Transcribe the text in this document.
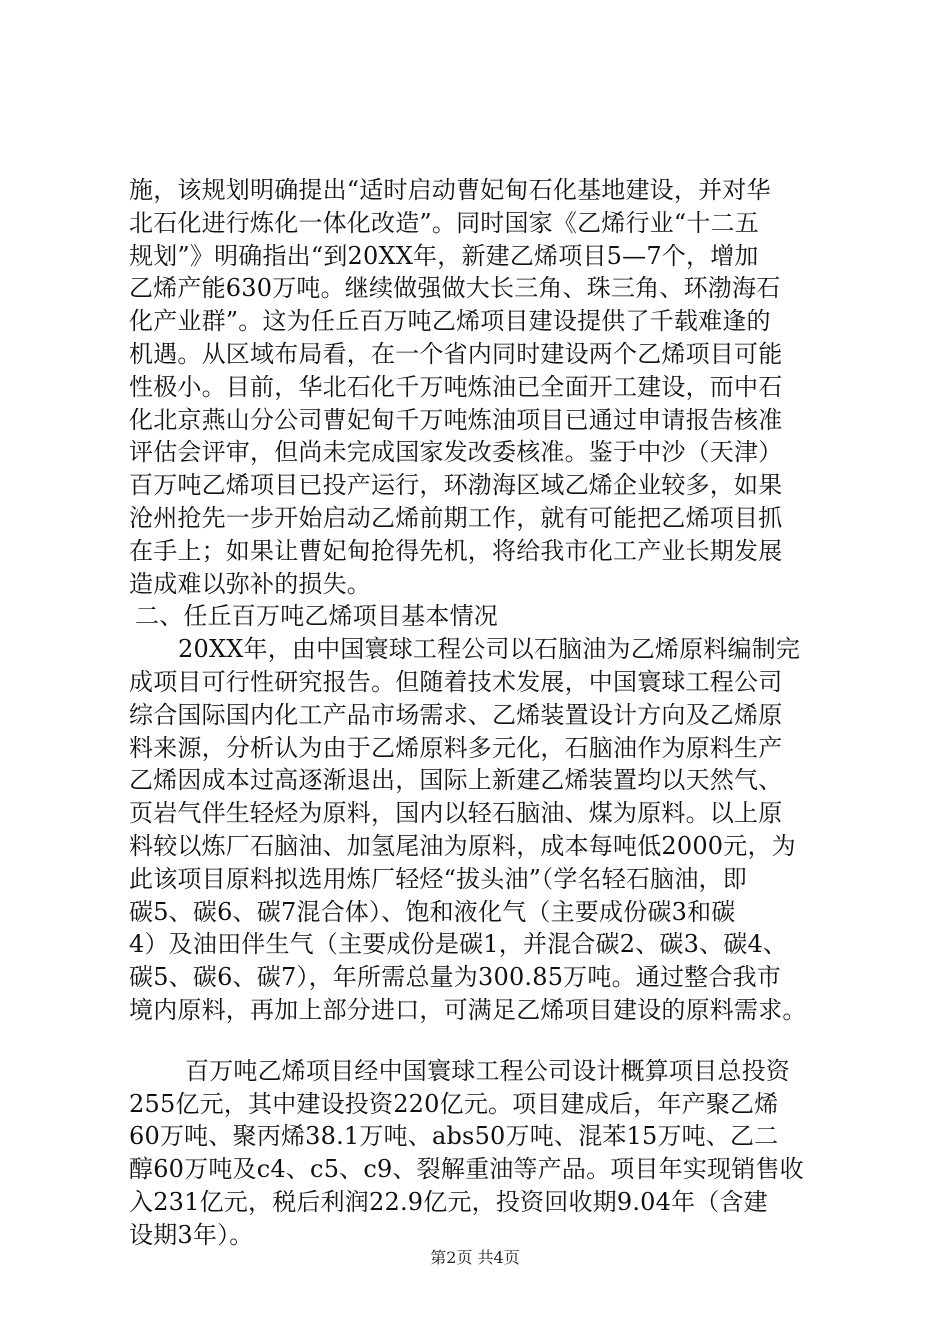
施，该规划明确提出“适时启动曹妃甸石化基地建设，并对华
北石化进行炼化一体化改造”。同时国家《乙烯行业“十二五
规划”》明确指出“到20XX年，新建乙烯项目5—7个，增加
乙烯产能630万吨。继续做强做大长三角、珠三角、环渤海石
化产业群”。这为任丘百万吨乙烯项目建设提供了千载难逢的
机遇。从区域布局看，在一个省内同时建设两个乙烯项目可能
性极小。目前，华北石化千万吨炼油已全面开工建设，而中石
化北京燕山分公司曹妃甸千万吨炼油项目已通过申请报告核准
评估会评审，但尚未完成国家发改委核准。鉴于中沙（天津）
百万吨乙烯项目已投产运行，环渤海区域乙烯企业较多，如果
沧州抢先一步开始启动乙烯前期工作，就有可能把乙烯项目抓
在手上；如果让曹妃甸抢得先机，将给我市化工产业长期发展
造成难以弥补的损失。
二、任丘百万吨乙烯项目基本情况
20XX年，由中国寰球工程公司以石脑油为乙烯原料编制完
成项目可行性研究报告。但随着技术发展，中国寰球工程公司
综合国际国内化工产品市场需求、乙烯装置设计方向及乙烯原
料来源，分析认为由于乙烯原料多元化，石脑油作为原料生产
乙烯因成本过高逐渐退出，国际上新建乙烯装置均以天然气、
页岩气伴生轻烃为原料，国内以轻石脑油、煤为原料。以上原
料较以炼厂石脑油、加氢尾油为原料，成本每吨低2000元，为
此该项目原料拟选用炼厂轻烃“拔头油”（学名轻石脑油，即
碳5、碳6、碳7混合体）、饱和液化气（主要成份碳3和碳
4）及油田伴生气（主要成份是碳1，并混合碳2、碳3、碳4、
碳5、碳6、碳7），年所需总量为300.85万吨。通过整合我市
境内原料，再加上部分进口，可满足乙烯项目建设的原料需求。
百万吨乙烯项目经中国寰球工程公司设计概算项目总投资
255亿元，其中建设投资220亿元。项目建成后，年产聚乙烯
60万吨、聚丙烯38.1万吨、abs50万吨、混苯15万吨、乙二
醇60万吨及c4、c5、c9、裂解重油等产品。项目年实现销售收
入231亿元，税后利润22.9亿元，投资回收期9.04年（含建
设期3年）。
第2页 共4页
